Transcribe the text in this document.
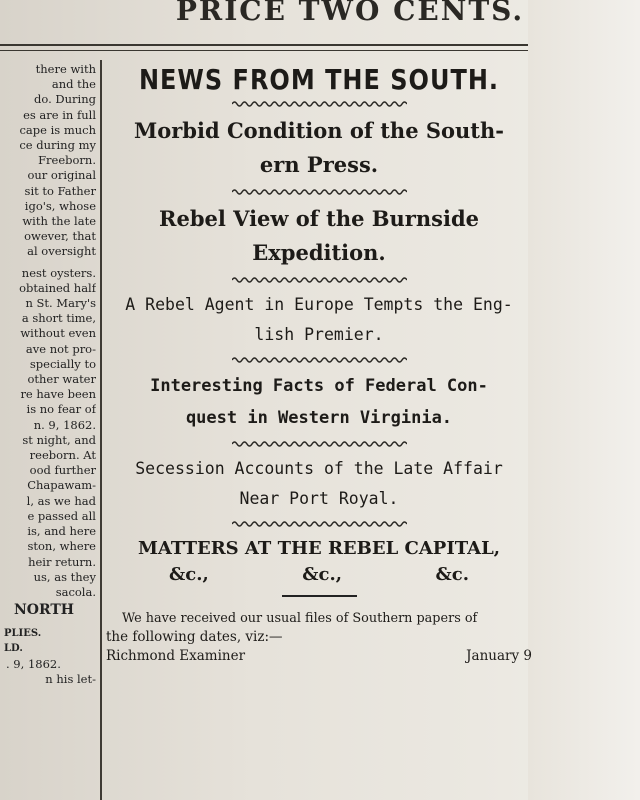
PRICE TWO CENTS.
there with
and the
do. During
es are in full
cape is much
ce during my
Freeborn.
our original
sit to Father
igo's, whose
with the late
owever, that
al oversight
nest oysters.
obtained half
n St. Mary's
a short time,
without even
ave not pro-
specially to
other water
re have been
is no fear of
n. 9, 1862.
st night, and
reeborn. At
ood further
Chapawam-
l, as we had
e passed all
is, and here
ston, where
heir return.
us, as they
sacola.
NORTH
PLIES.
LD.
. 9, 1862.
n his let-
NEWS FROM THE SOUTH.
Morbid Condition of the South-
ern Press.
Rebel View of the Burnside
Expedition.
A Rebel Agent in Europe Tempts the Eng-
lish Premier.
Interesting Facts of Federal Con-
quest in Western Virginia.
Secession Accounts of the Late Affair
Near Port Royal.
MATTERS AT THE REBEL CAPITAL,
&c.,	&c.,	&c.
We have received our usual files of Southern papers of
the following dates, viz:—
Richmond Examiner	January 9
